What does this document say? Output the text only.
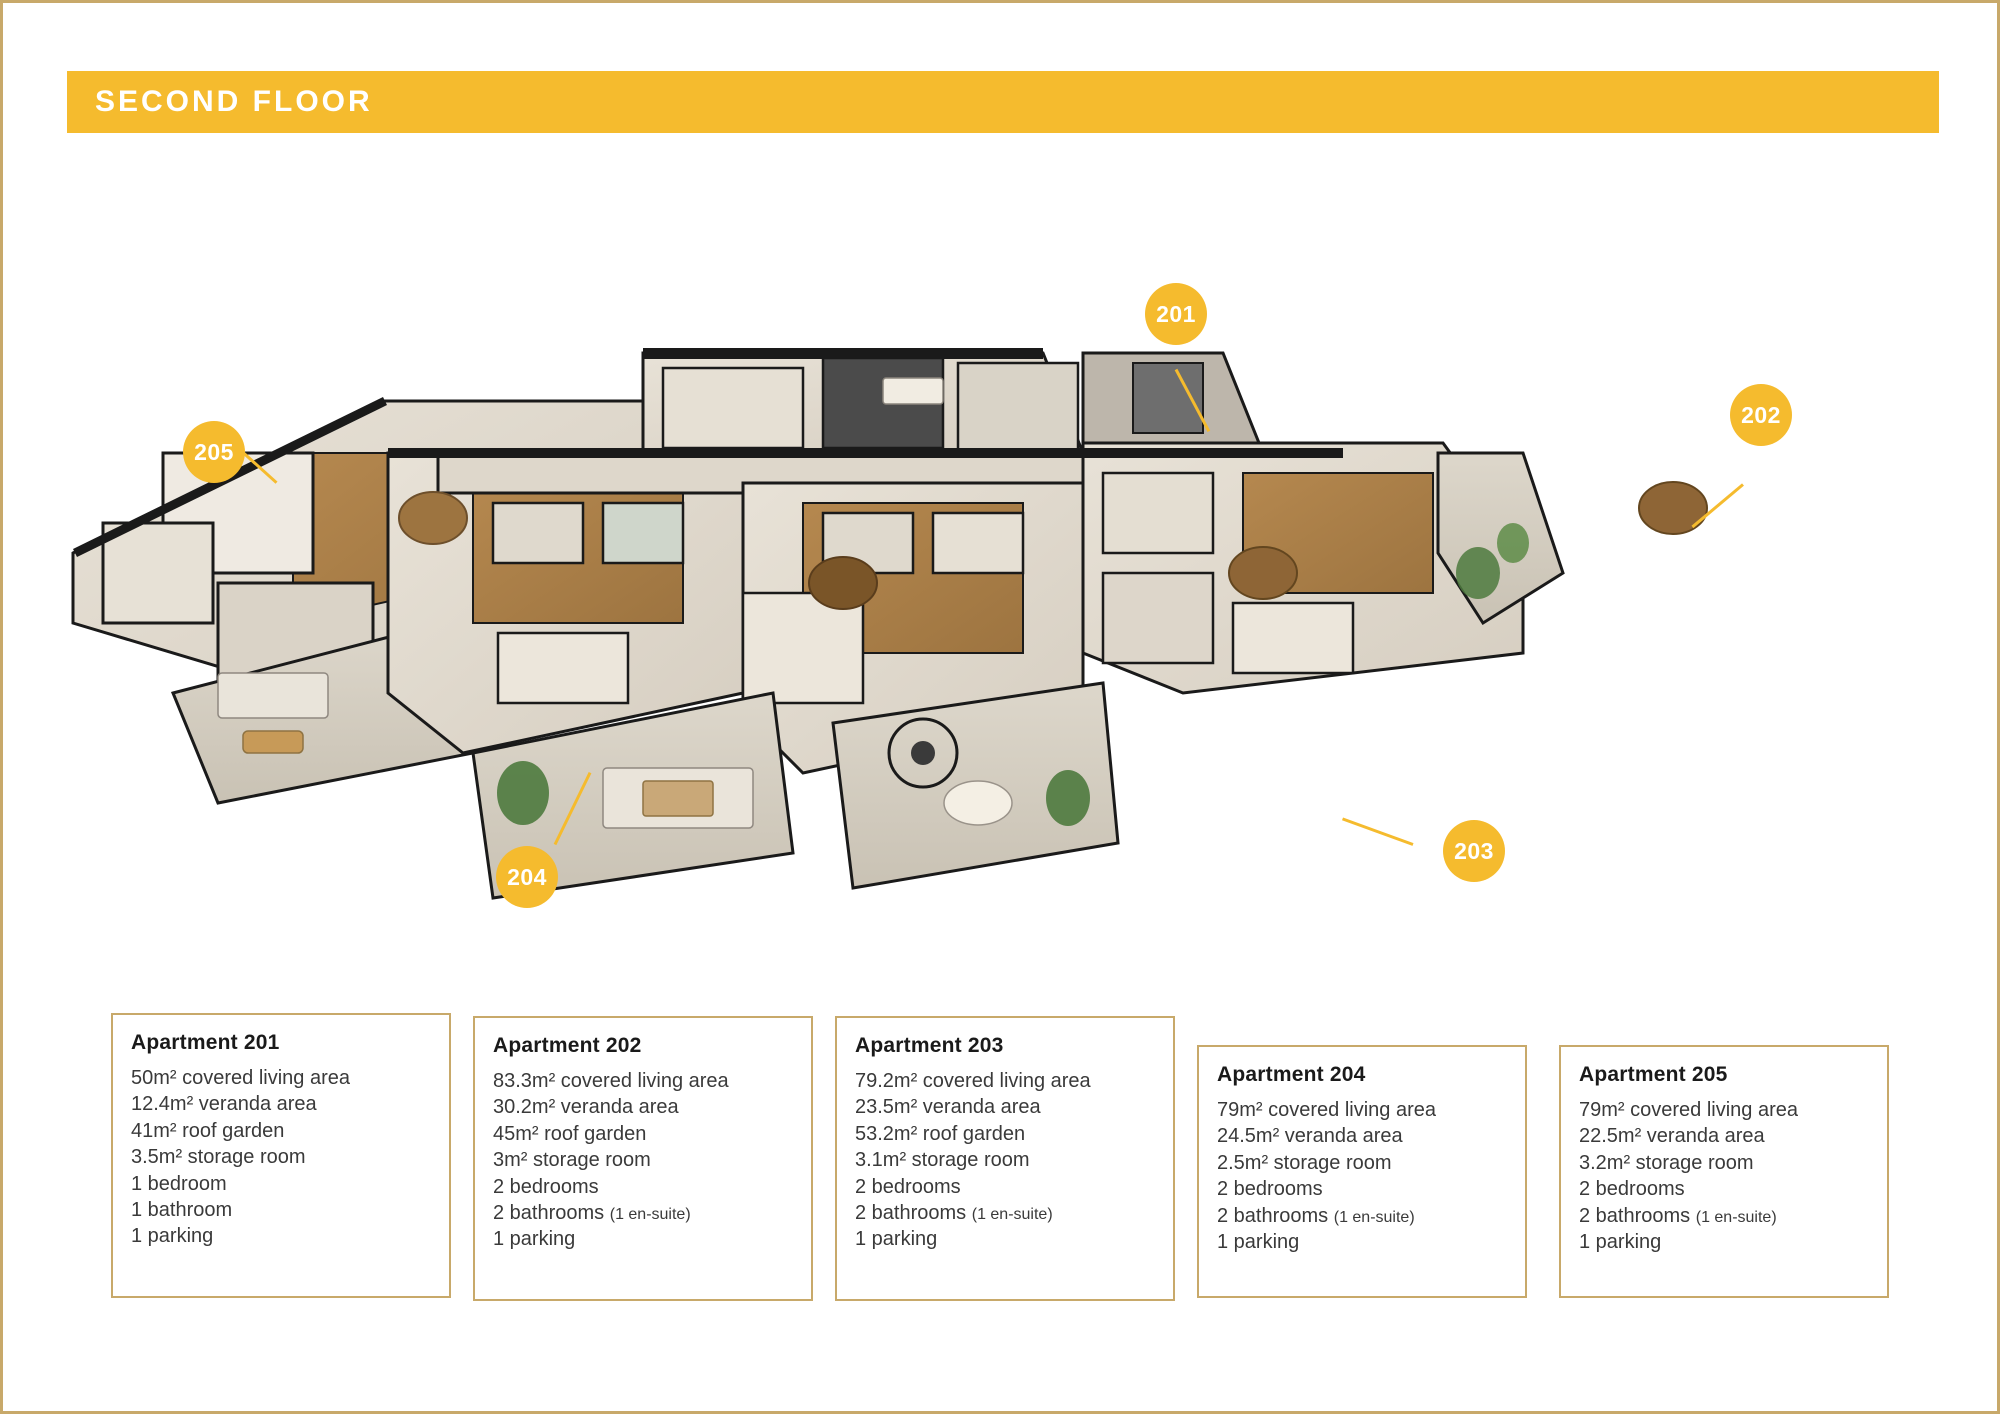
SECOND FLOOR
201
202
203
204
205
Apartment 201
50m² covered living area
12.4m² veranda area
41m² roof garden
3.5m² storage room
1 bedroom
1 bathroom
1 parking
Apartment 202
83.3m² covered living area
30.2m² veranda area
45m² roof garden
3m² storage room
2 bedrooms
2 bathrooms (1 en-suite)
1 parking
Apartment 203
79.2m² covered living area
23.5m² veranda area
53.2m² roof garden
3.1m² storage room
2 bedrooms
2 bathrooms (1 en-suite)
1 parking
Apartment 204
79m² covered living area
24.5m² veranda area
2.5m² storage room
2 bedrooms
2 bathrooms (1 en-suite)
1 parking
Apartment 205
79m² covered living area
22.5m² veranda area
3.2m² storage room
2 bedrooms
2 bathrooms (1 en-suite)
1 parking
